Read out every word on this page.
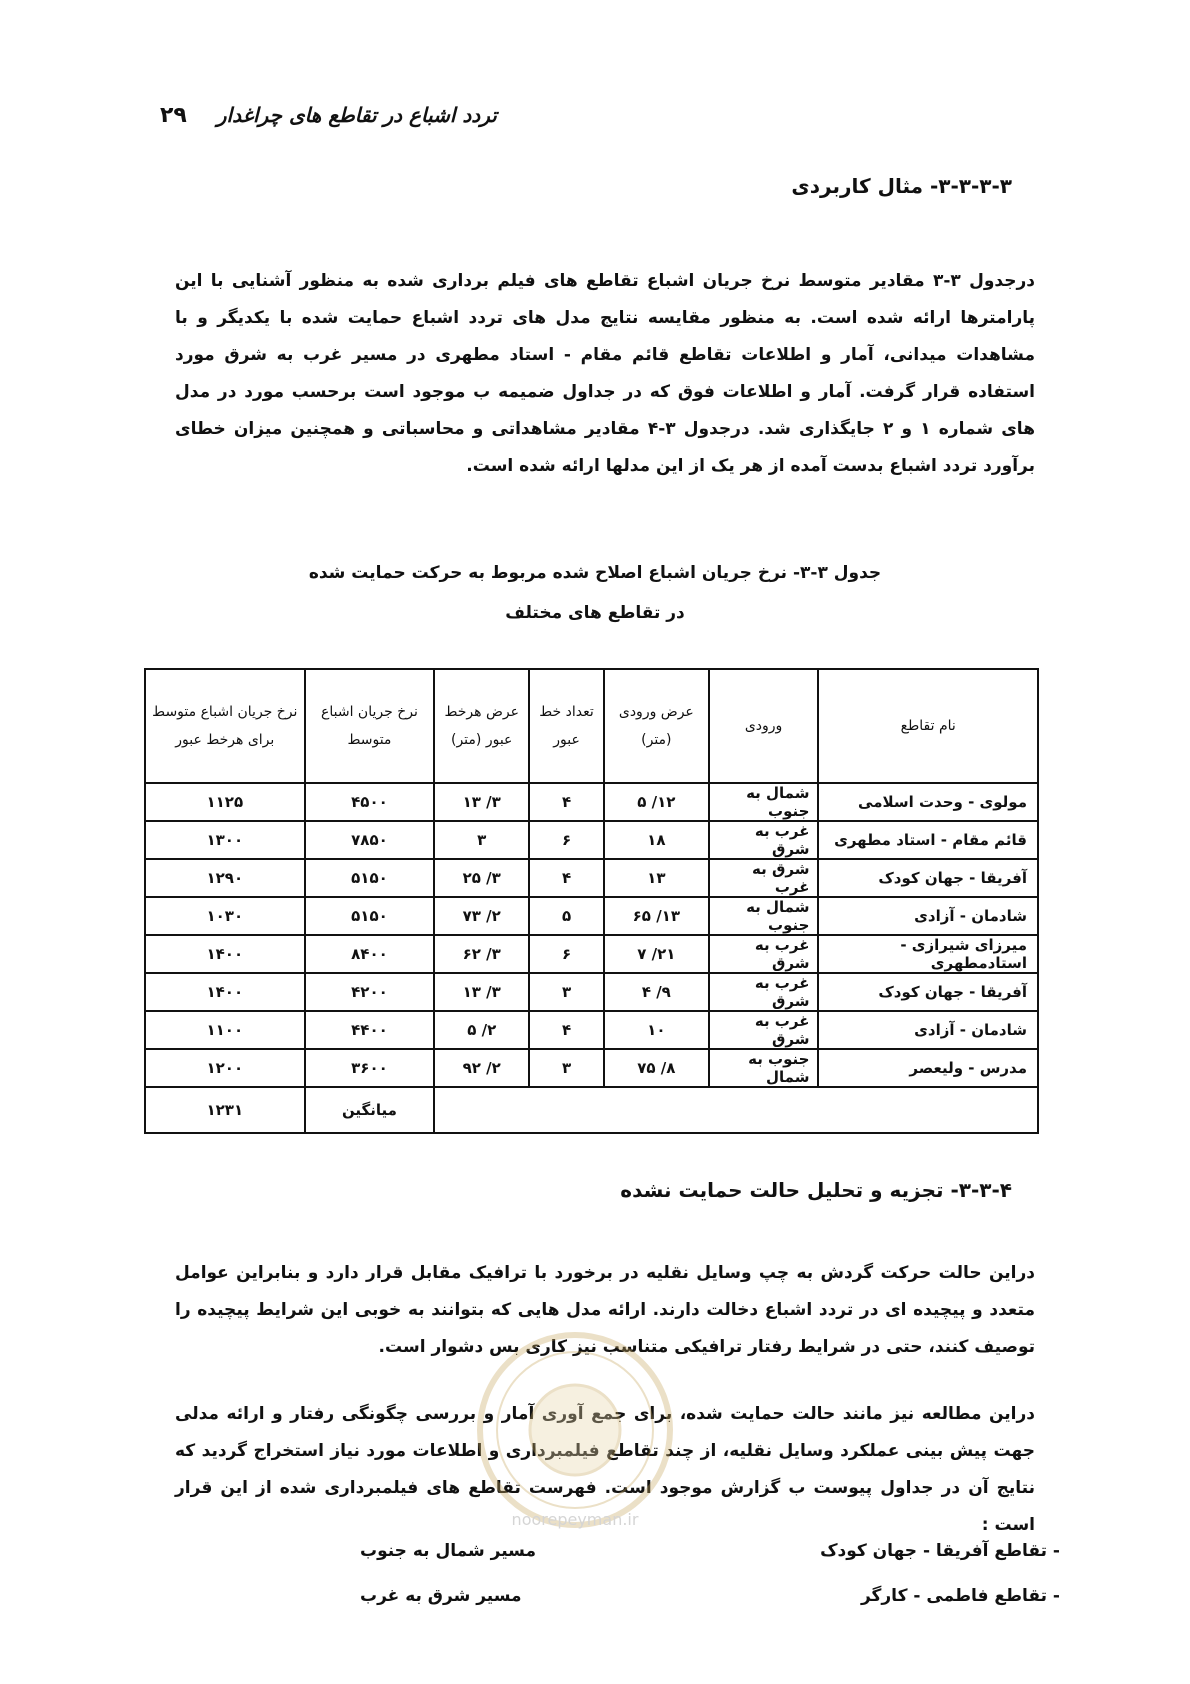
۲۹ تردد اشباع در تقاطع های چراغدار
۳-۳-۳-۳- مثال کاربردی
درجدول ۳-۳ مقادیر متوسط نرخ جریان اشباع تقاطع های فیلم برداری شده به منظور آشنایی با این پارامترها ارائه شده است. به منظور مقایسه نتایج مدل های تردد اشباع حمایت شده با یکدیگر و با مشاهدات میدانی، آمار و اطلاعات تقاطع قائم مقام - استاد مطهری در مسیر غرب به شرق مورد استفاده قرار گرفت. آمار و اطلاعات فوق که در جداول ضمیمه ب موجود است برحسب مورد در مدل های شماره ۱ و ۲ جایگذاری شد. درجدول ۳-۴ مقادیر مشاهداتی و محاسباتی و همچنین میزان خطای برآورد تردد اشباع بدست آمده از هر یک از این مدلها ارائه شده است.
جدول ۳-۳- نرخ جریان اشباع اصلاح شده مربوط به حرکت حمایت شده
در تقاطع های مختلف
نام تقاطع	ورودی	عرض ورودی (متر)	تعداد خط عبور	عرض هرخط عبور (متر)	نرخ جریان اشباع متوسط	نرخ جریان اشباع متوسط برای هرخط عبور
مولوی - وحدت اسلامی	شمال به جنوب	۱۲/ ۵	۴	۳/ ۱۳	۴۵۰۰	۱۱۲۵
قائم مقام - استاد مطهری	غرب به شرق	۱۸	۶	۳	۷۸۵۰	۱۳۰۰
آفریقا - جهان کودک	شرق به غرب	۱۳	۴	۳/ ۲۵	۵۱۵۰	۱۲۹۰
شادمان - آزادی	شمال به جنوب	۱۳/ ۶۵	۵	۲/ ۷۳	۵۱۵۰	۱۰۳۰
میرزای شیرازی - استادمطهری	غرب به شرق	۲۱/ ۷	۶	۳/ ۶۲	۸۴۰۰	۱۴۰۰
آفریقا - جهان کودک	غرب به شرق	۹/ ۴	۳	۳/ ۱۳	۴۲۰۰	۱۴۰۰
شادمان - آزادی	غرب به شرق	۱۰	۴	۲/ ۵	۴۴۰۰	۱۱۰۰
مدرس - ولیعصر	جنوب به شمال	۸/ ۷۵	۳	۲/ ۹۲	۳۶۰۰	۱۲۰۰
					میانگین	۱۲۳۱
۳-۳-۴- تجزیه و تحلیل حالت حمایت نشده
دراین حالت حرکت گردش به چپ وسایل نقلیه در برخورد با ترافیک مقابل قرار دارد و بنابراین عوامل متعدد و پیچیده ای در تردد اشباع دخالت دارند. ارائه مدل هایی که بتوانند به خوبی این شرایط پیچیده را توصیف کنند، حتی در شرایط رفتار ترافیکی متناسب نیز کاری بس دشوار است.
دراین مطالعه نیز مانند حالت حمایت شده، برای جمع آوری آمار و بررسی چگونگی رفتار و ارائه مدلی جهت پیش بینی عملکرد وسایل نقلیه، از چند تقاطع فیلمبرداری و اطلاعات مورد نیاز استخراج گردید که نتایج آن در جداول پیوست ب گزارش موجود است. فهرست تقاطع های فیلمبرداری شده از این قرار است :
- تقاطع آفریقا - جهان کودک
مسیر شمال به جنوب
- تقاطع فاطمی - کارگر
مسیر شرق به غرب
noorepeyman.ir
